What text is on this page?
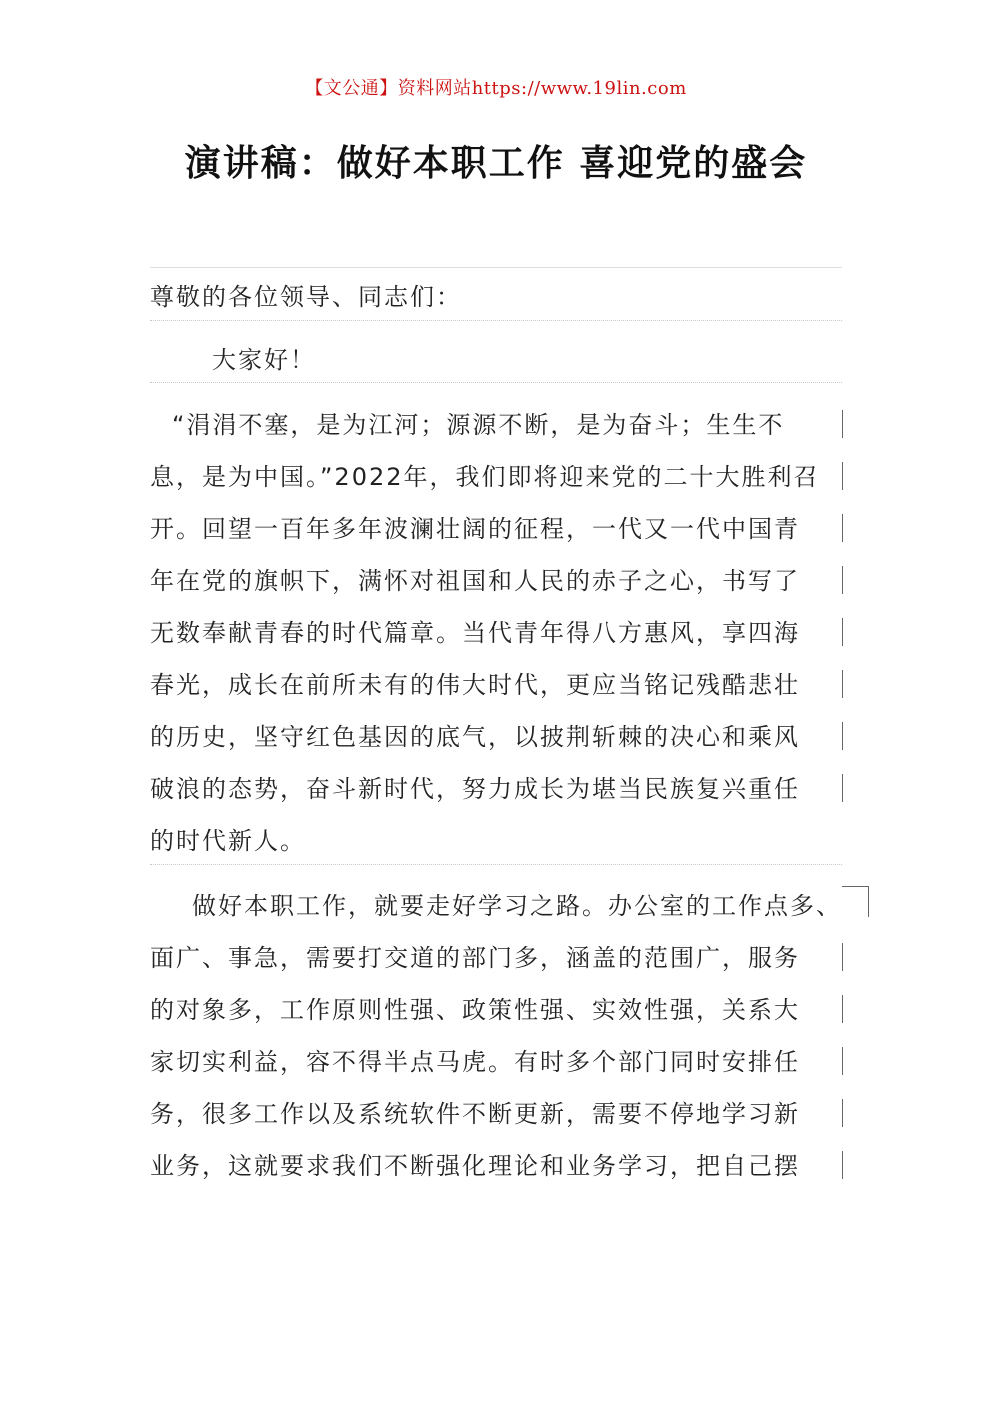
【文公通】资料网站https://www.19lin.com
演讲稿：做好本职工作 喜迎党的盛会
尊敬的各位领导、同志们：
大家好！
“涓涓不塞，是为江河；源源不断，是为奋斗；生生不
息，是为中国。”2022年，我们即将迎来党的二十大胜利召
开。回望一百年多年波澜壮阔的征程，一代又一代中国青
年在党的旗帜下，满怀对祖国和人民的赤子之心，书写了
无数奉献青春的时代篇章。当代青年得八方惠风，享四海
春光，成长在前所未有的伟大时代，更应当铭记残酷悲壮
的历史，坚守红色基因的底气，以披荆斩棘的决心和乘风
破浪的态势，奋斗新时代，努力成长为堪当民族复兴重任
的时代新人。
做好本职工作，就要走好学习之路。办公室的工作点多、
面广、事急，需要打交道的部门多，涵盖的范围广，服务
的对象多，工作原则性强、政策性强、实效性强，关系大
家切实利益，容不得半点马虎。有时多个部门同时安排任
务，很多工作以及系统软件不断更新，需要不停地学习新
业务，这就要求我们不断强化理论和业务学习，把自己摆
